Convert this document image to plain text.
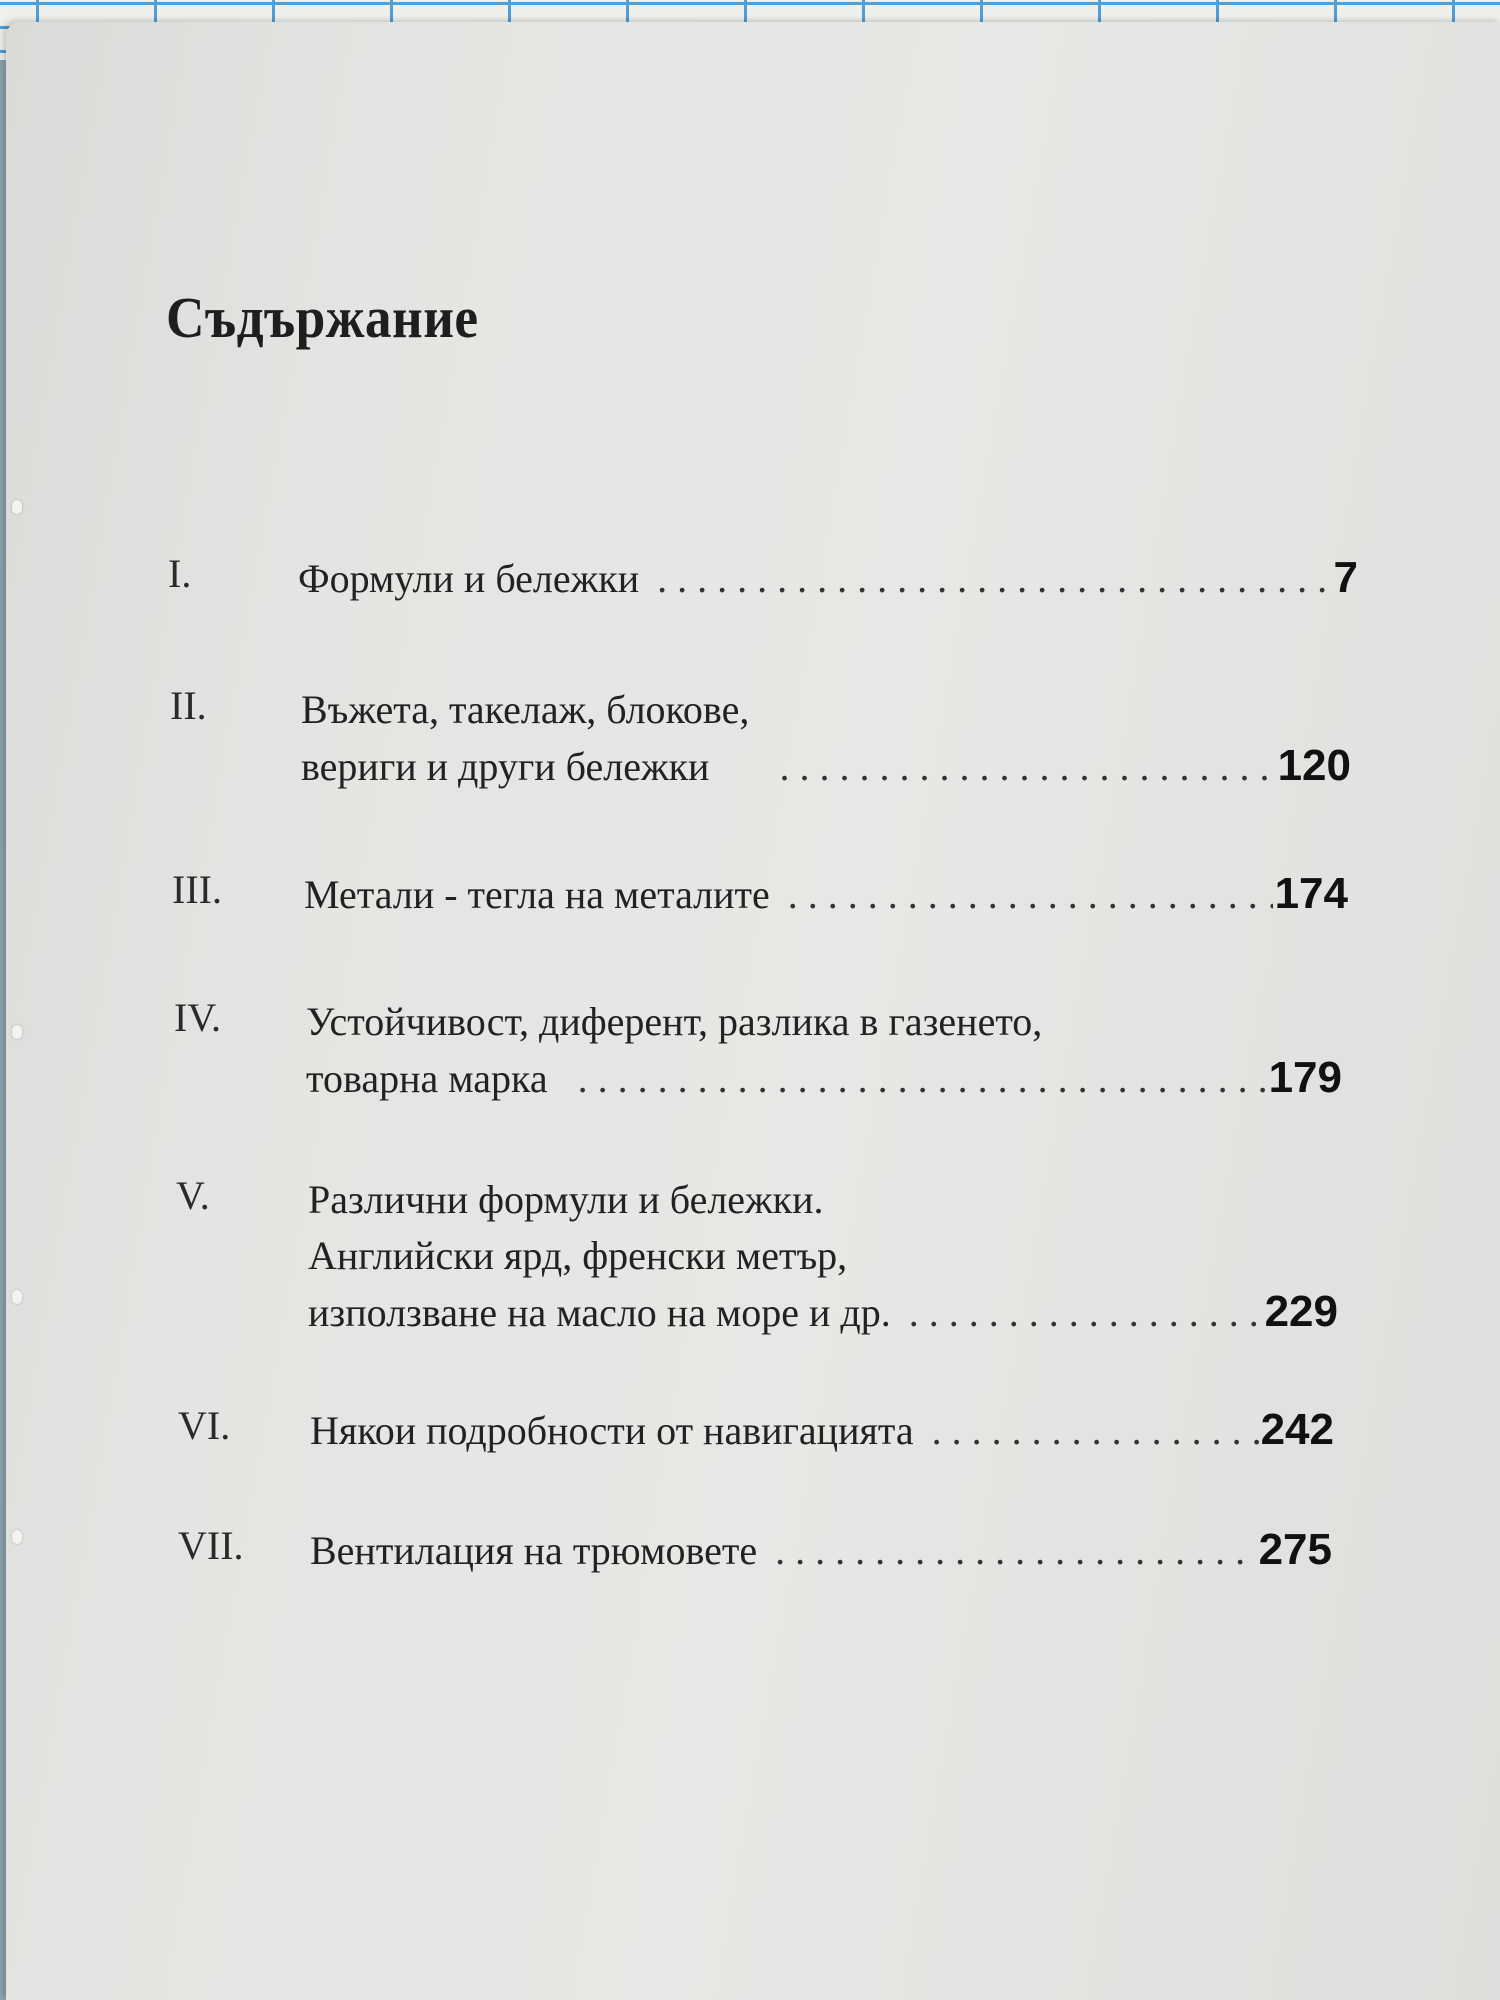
Съдържание
I.	Формули и бележки . . .	7
II. Въжета, такелаж, блокове,
вериги и други бележки . . .	120
III. Метали - тегла на металите . . .	174
IV. Устойчивост, диферент, разлика в газенето,
товарна марка . . .	179
V. Различни формули и бележки.
Английски ярд, френски метър,
използване на масло на море и др. . . .	229
VI. Някои подробности от навигацията . . .	242
VII. Вентилация на трюмовете . . .	275
